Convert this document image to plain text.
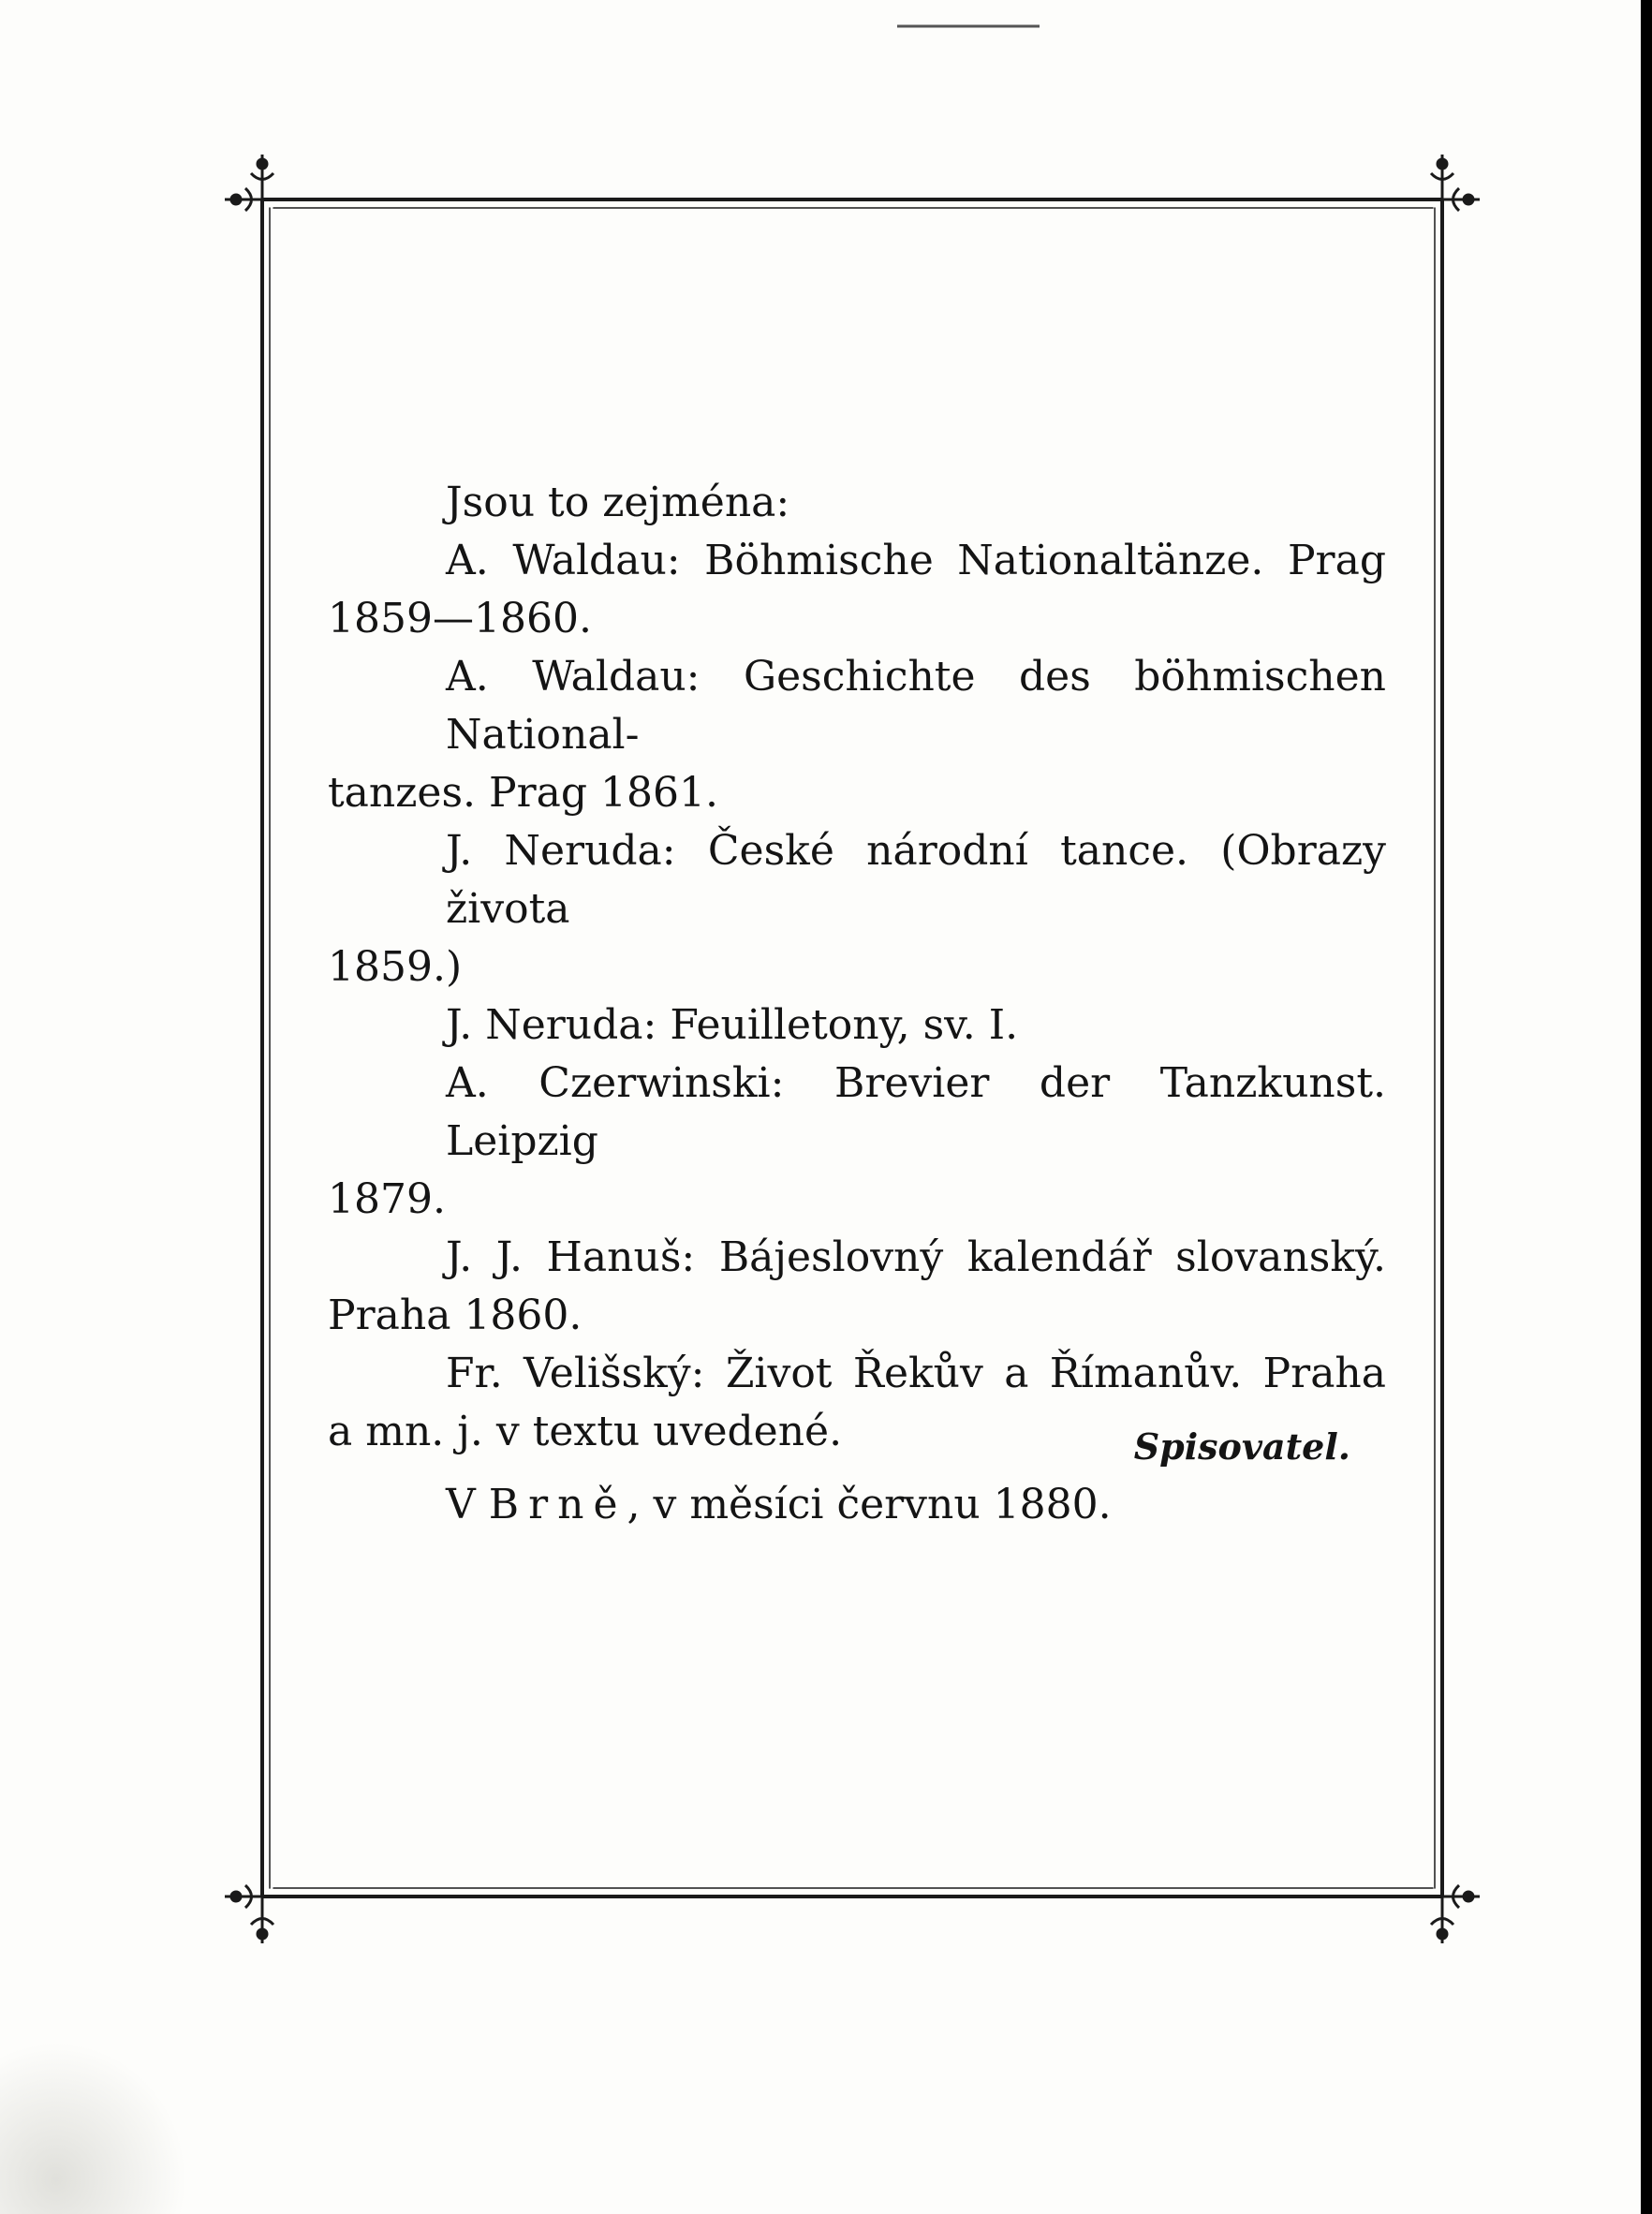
Jsou to zejména:

A. Waldau: Böhmische Nationaltänze. Prag
1859—1860.

A. Waldau: Geschichte des böhmischen National-
tanzes. Prag 1861.

J. Neruda: České národní tance. (Obrazy života
1859.)

J. Neruda: Feuilletony, sv. I.

A. Czerwinski: Brevier der Tanzkunst. Leipzig
1879.

J. J. Hanuš: Bájeslovný kalendář slovanský.
Praha 1860.

Fr. Velišský: Život Řekův a Římanův. Praha
a mn. j. v textu uvedené.

V Brně, v měsíci červnu 1880.

Spisovatel.
